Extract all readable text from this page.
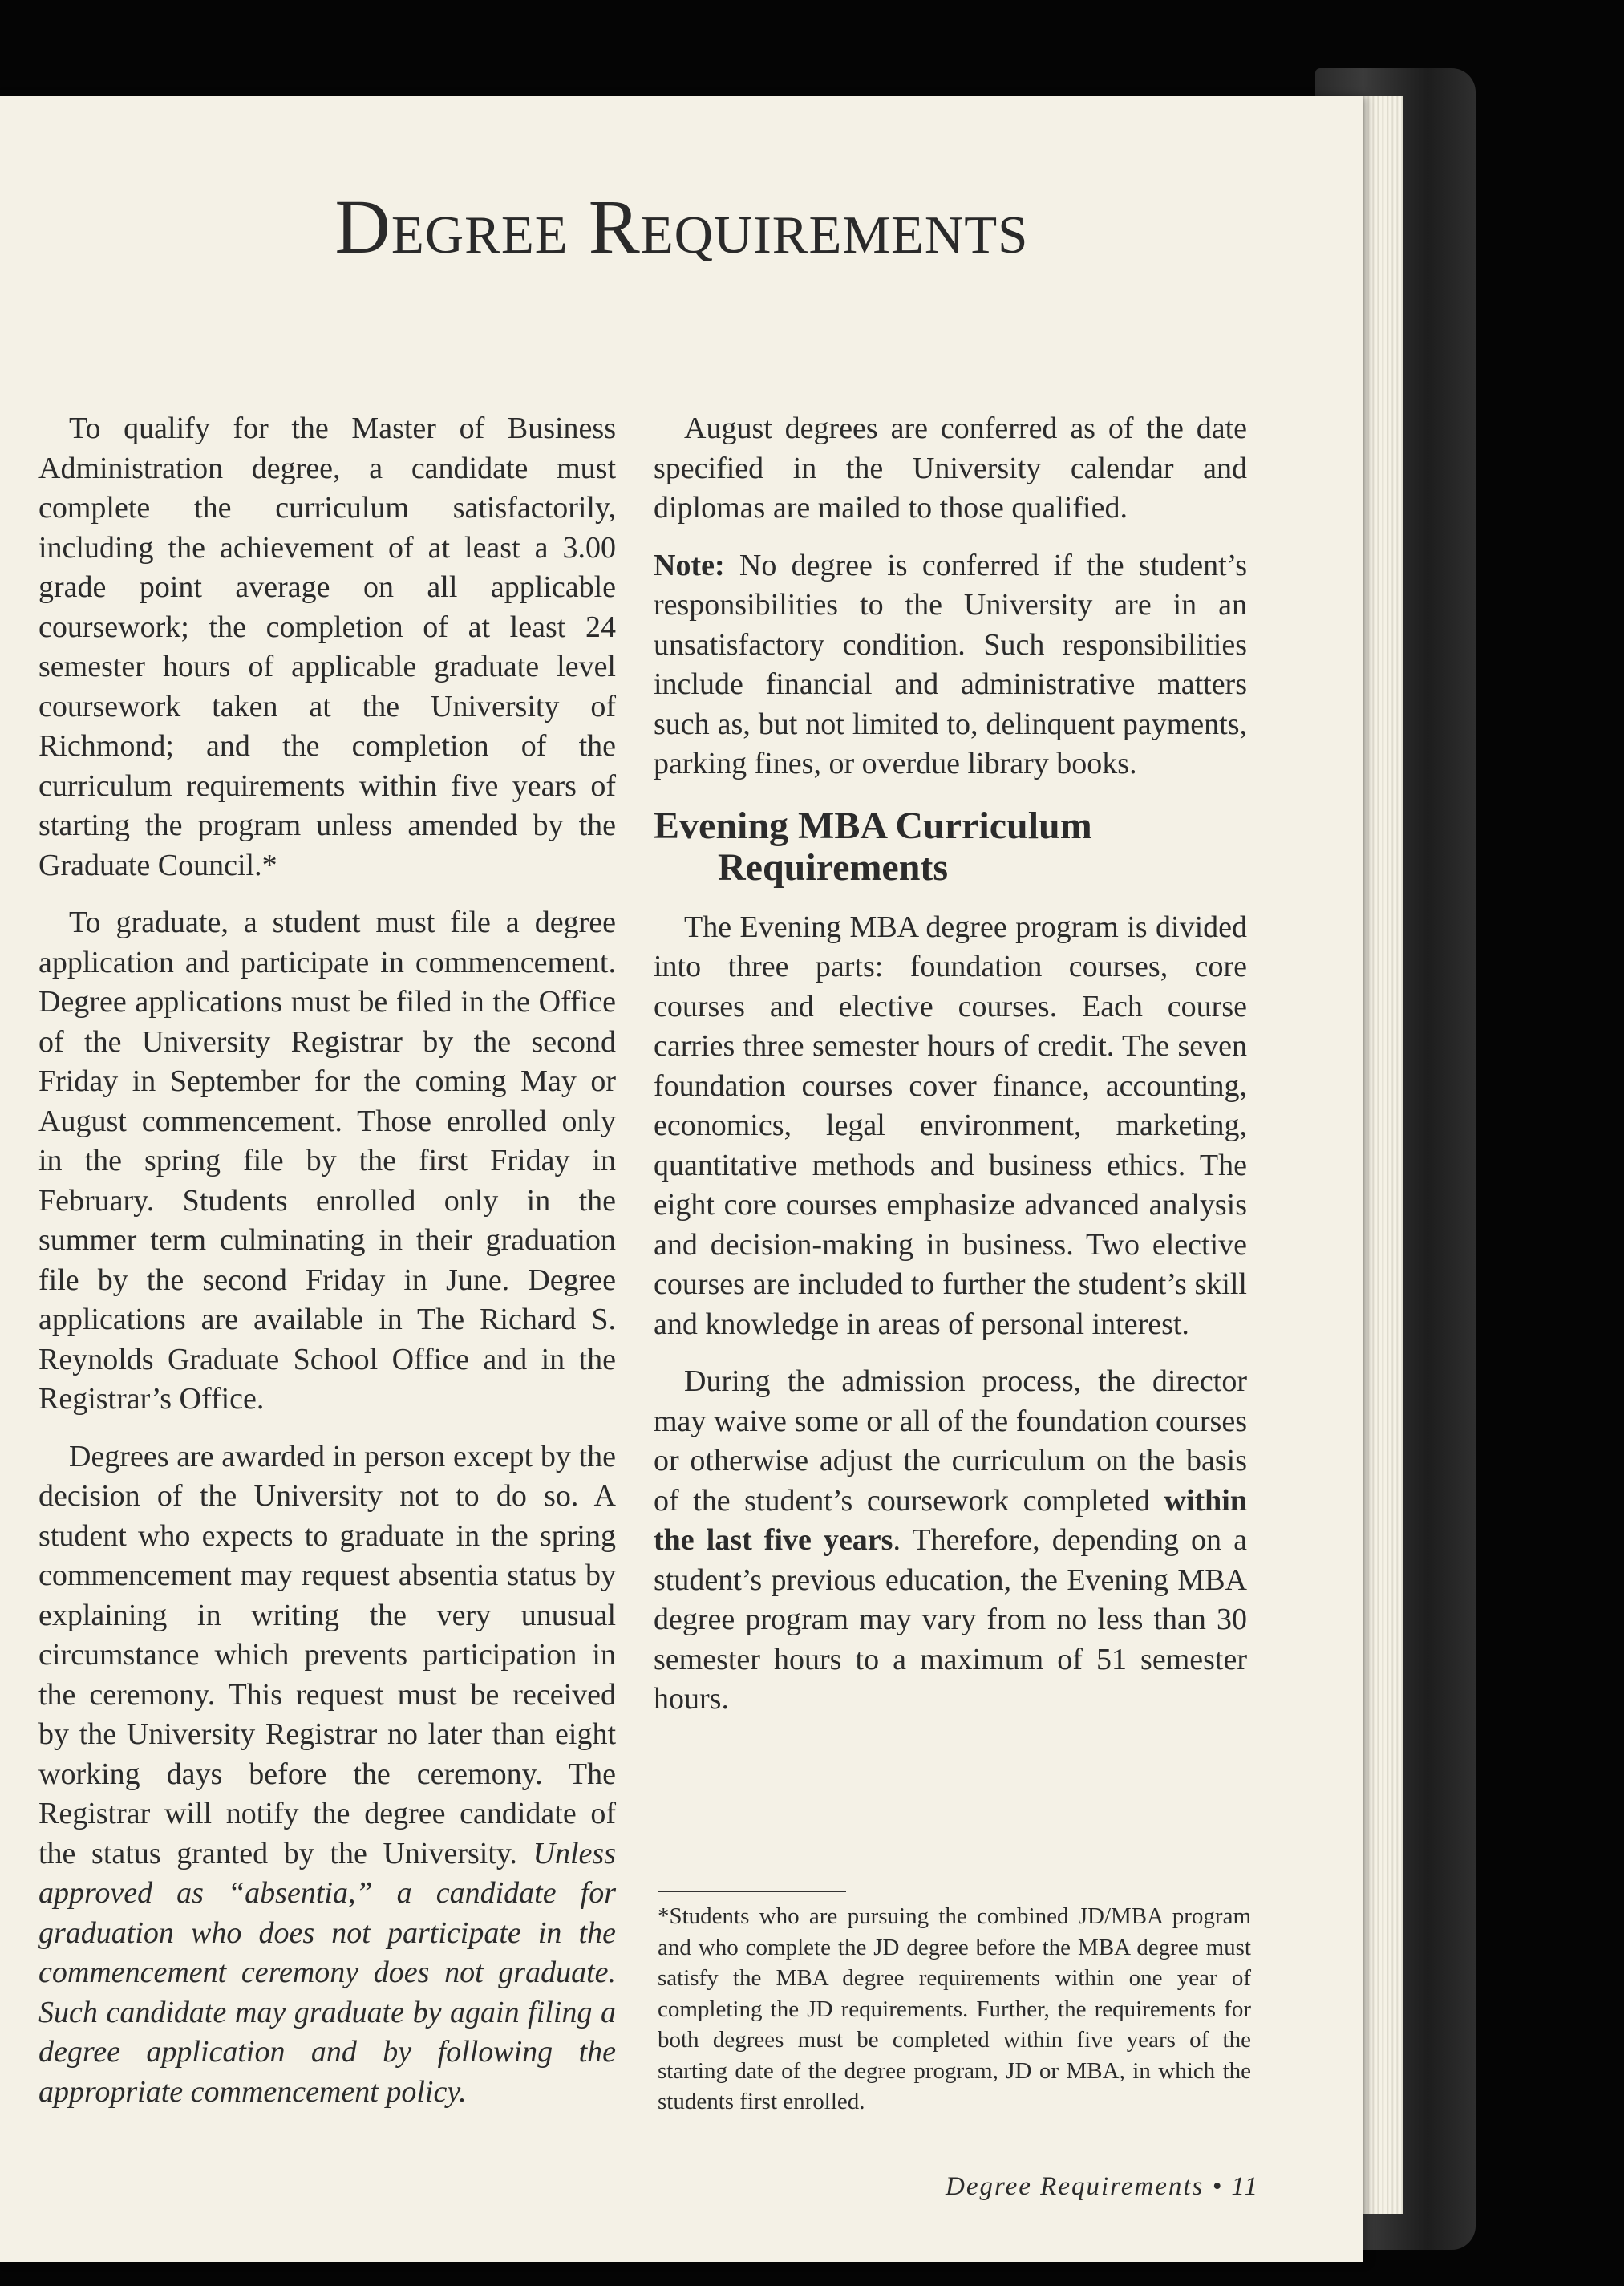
Degree Requirements

To qualify for the Master of Business Administration degree, a candidate must complete the curriculum satisfactorily, including the achievement of at least a 3.00 grade point average on all applicable coursework; the completion of at least 24 semester hours of applicable graduate level coursework taken at the University of Richmond; and the completion of the curriculum requirements within five years of starting the program unless amended by the Graduate Council.*

To graduate, a student must file a degree application and participate in commencement. Degree applications must be filed in the Office of the University Registrar by the second Friday in September for the coming May or August commencement. Those enrolled only in the spring file by the first Friday in February. Students enrolled only in the summer term culminating in their graduation file by the second Friday in June. Degree applications are available in The Richard S. Reynolds Graduate School Office and in the Registrar’s Office.

Degrees are awarded in person except by the decision of the University not to do so. A student who expects to graduate in the spring commencement may request absentia status by explaining in writing the very unusual circumstance which prevents participation in the ceremony. This request must be received by the University Registrar no later than eight working days before the ceremony. The Registrar will notify the degree candidate of the status granted by the University. Unless approved as “absentia,” a candidate for graduation who does not participate in the commencement ceremony does not graduate. Such candidate may graduate by again filing a degree application and by following the appropriate commencement policy.

August degrees are conferred as of the date specified in the University calendar and diplomas are mailed to those qualified.

Note: No degree is conferred if the student’s responsibilities to the University are in an unsatisfactory condition. Such responsibilities include financial and administrative matters such as, but not limited to, delinquent payments, parking fines, or overdue library books.

Evening MBA Curriculum
Requirements

The Evening MBA degree program is divided into three parts: foundation courses, core courses and elective courses. Each course carries three semester hours of credit. The seven foundation courses cover finance, accounting, economics, legal environment, marketing, quantitative methods and business ethics. The eight core courses emphasize advanced analysis and decision-making in business. Two elective courses are included to further the student’s skill and knowledge in areas of personal interest.

During the admission process, the director may waive some or all of the foundation courses or otherwise adjust the curriculum on the basis of the student’s coursework completed within the last five years. Therefore, depending on a student’s previous education, the Evening MBA degree program may vary from no less than 30 semester hours to a maximum of 51 semester hours.

*Students who are pursuing the combined JD/MBA program and who complete the JD degree before the MBA degree must satisfy the MBA degree requirements within one year of completing the JD requirements. Further, the requirements for both degrees must be completed within five years of the starting date of the degree program, JD or MBA, in which the students first enrolled.
Degree Requirements • 11
